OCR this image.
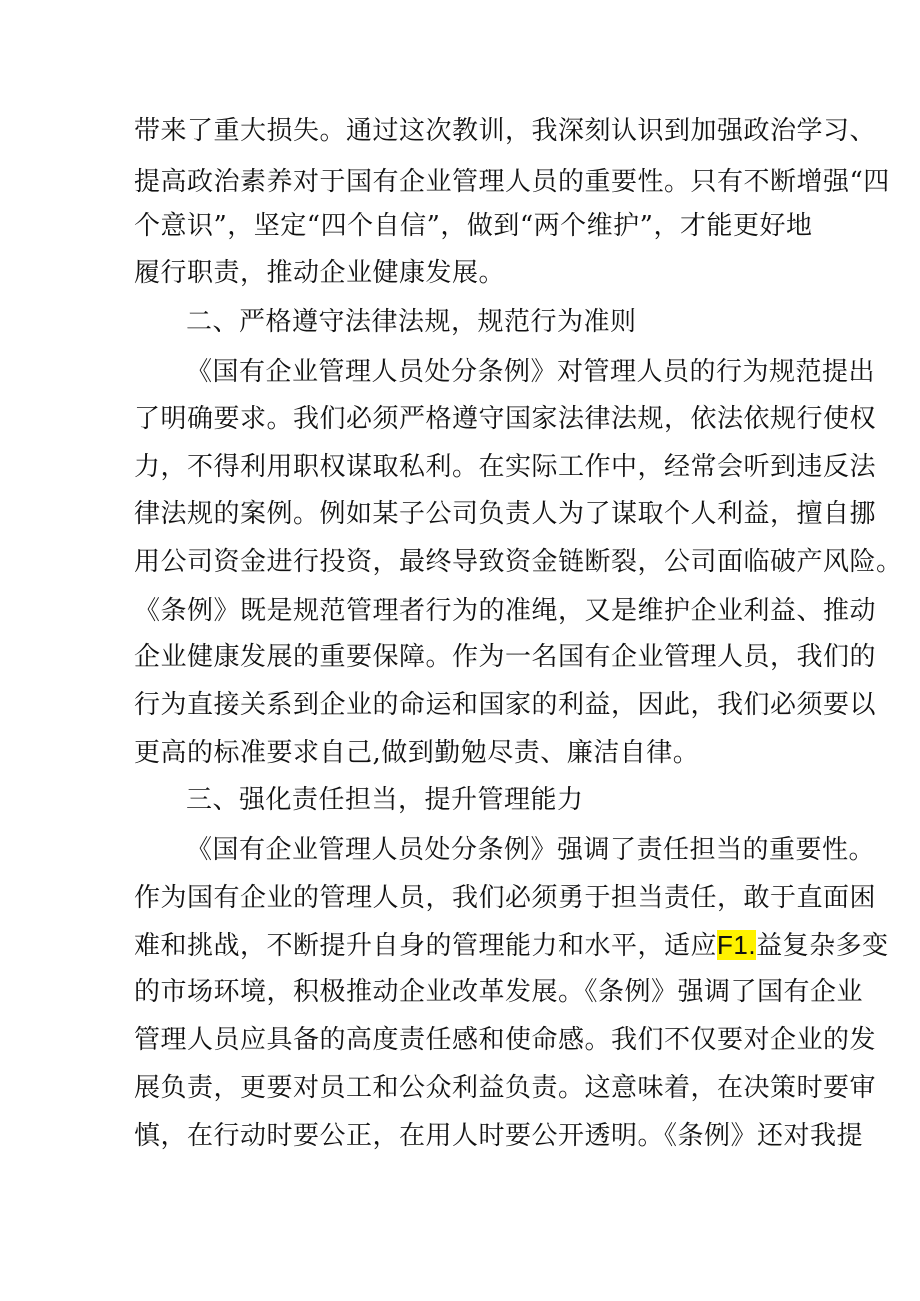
带来了重大损失。通过这次教训，我深刻认识到加强政治学习、
提高政治素养对于国有企业管理人员的重要性。只有不断增强“四
个意识”，坚定“四个自信”，做到“两个维护”，才能更好地
履行职责，推动企业健康发展。
二、严格遵守法律法规，规范行为准则
《国有企业管理人员处分条例》对管理人员的行为规范提出
了明确要求。我们必须严格遵守国家法律法规，依法依规行使权
力，不得利用职权谋取私利。在实际工作中，经常会听到违反法
律法规的案例。例如某子公司负责人为了谋取个人利益，擅自挪
用公司资金进行投资，最终导致资金链断裂，公司面临破产风险。
《条例》既是规范管理者行为的准绳，又是维护企业利益、推动
企业健康发展的重要保障。作为一名国有企业管理人员，我们的
行为直接关系到企业的命运和国家的利益，因此，我们必须要以
更高的标准要求自己,做到勤勉尽责、廉洁自律。
三、强化责任担当，提升管理能力
《国有企业管理人员处分条例》强调了责任担当的重要性。
作为国有企业的管理人员，我们必须勇于担当责任，敢于直面困
难和挑战，不断提升自身的管理能力和水平，适应F1.益复杂多变
的市场环境，积极推动企业改革发展。《条例》强调了国有企业
管理人员应具备的高度责任感和使命感。我们不仅要对企业的发
展负责，更要对员工和公众利益负责。这意味着，在决策时要审
慎，在行动时要公正，在用人时要公开透明。《条例》还对我提
